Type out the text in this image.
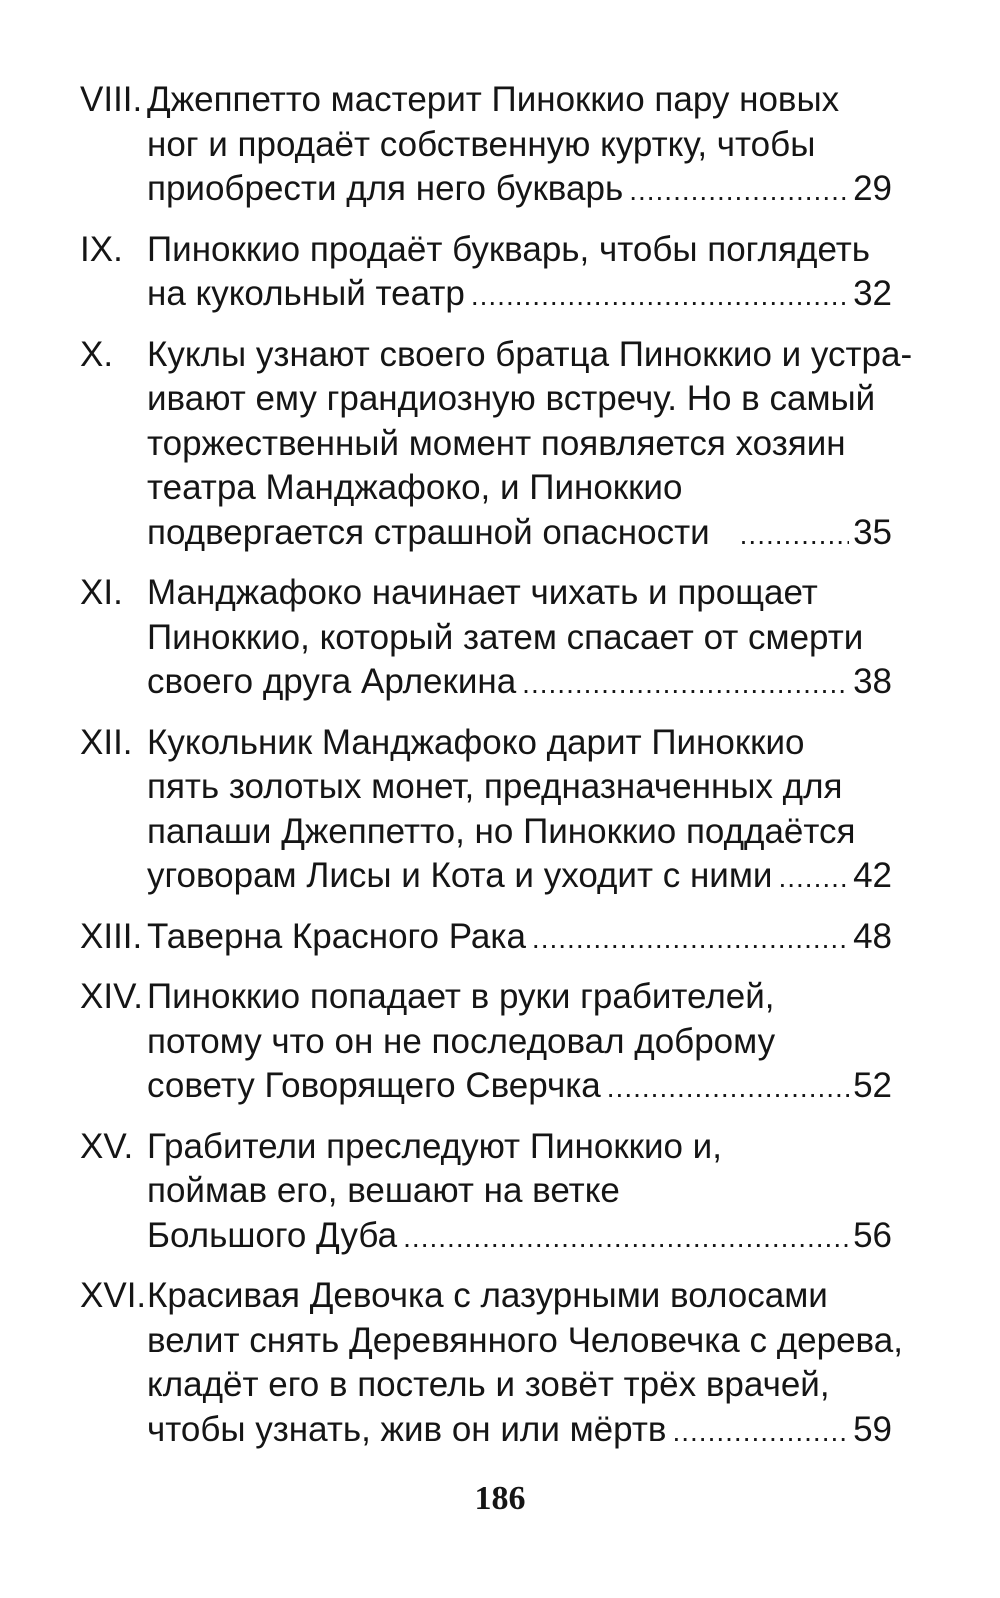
VIII. Джеппетто мастерит Пиноккио пару новых
ног и продаёт собственную куртку, чтобы
приобрести для него букварь .....	29
IX. Пиноккио продаёт букварь, чтобы поглядеть
на кукольный театр .....	32
X. Куклы узнают своего братца Пиноккио и устра-
ивают ему грандиозную встречу. Но в самый
торжественный момент появляется хозяин
театра Манджафоко, и Пиноккио
подвергается страшной опасности .....	35
XI. Манджафоко начинает чихать и прощает
Пиноккио, который затем спасает от смерти
своего друга Арлекина .....	38
XII. Кукольник Манджафоко дарит Пиноккио
пять золотых монет, предназначенных для
папаши Джеппетто, но Пиноккио поддаётся
уговорам Лисы и Кота и уходит с ними ..... 42
XIII. Таверна Красного Рака .....	48
XIV. Пиноккио попадает в руки грабителей,
потому что он не последовал доброму
совету Говорящего Сверчка .....	52
XV. Грабители преследуют Пиноккио и,
поймав его, вешают на ветке
Большого Дуба .....	56
XVI. Красивая Девочка с лазурными волосами
велит снять Деревянного Человечка с дерева,
кладёт его в постель и зовёт трёх врачей,
чтобы узнать, жив он или мёртв .....	59
186
